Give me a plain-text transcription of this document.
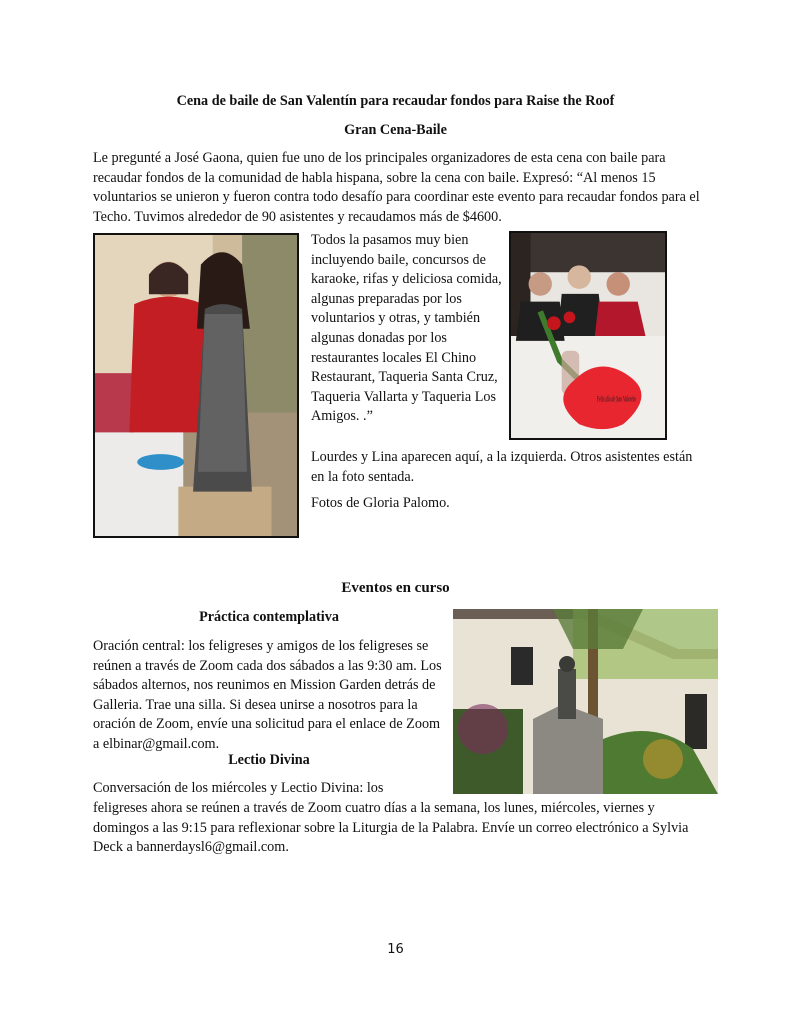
Cena de baile de San Valentín para recaudar fondos para Raise the Roof
Gran Cena-Baile
Le pregunté a José Gaona, quien fue uno de los principales organizadores de esta cena con baile para recaudar fondos de la comunidad de habla hispana, sobre la cena con baile. Expresó: “Al menos 15 voluntarios se unieron y fueron contra todo desafío para coordinar este evento para recaudar fondos para el Techo. Tuvimos alrededor de 90 asistentes y recaudamos más de $4600.
Todos la pasamos muy bien incluyendo baile, concursos de karaoke, rifas y deliciosa comida, algunas preparadas por los voluntarios y otras, y también algunas donadas por los restaurantes locales El Chino Restaurant, Taqueria Santa Cruz, Taqueria Vallarta y Taqueria Los Amigos. .”
Feliz día de San Valentín
Lourdes y Lina aparecen aquí, a la izquierda. Otros asistentes están en la foto sentada.
Fotos de Gloria Palomo.
Eventos en curso
Práctica contemplativa
Oración central: los feligreses y amigos de los feligreses se reúnen a través de Zoom cada dos sábados a las 9:30 am. Los sábados alternos, nos reunimos en Mission Garden detrás de Galleria. Trae una silla. Si desea unirse a nosotros para la oración de Zoom, envíe una solicitud para el enlace de Zoom a elbinar@gmail.com.
Lectio Divina
Conversación de los miércoles y Lectio Divina: los
feligreses ahora se reúnen a través de Zoom cuatro días a la semana, los lunes, miércoles, viernes y domingos a las 9:15 para reflexionar sobre la Liturgia de la Palabra. Envíe un correo electrónico a Sylvia Deck a bannerdaysl6@gmail.com.
16
